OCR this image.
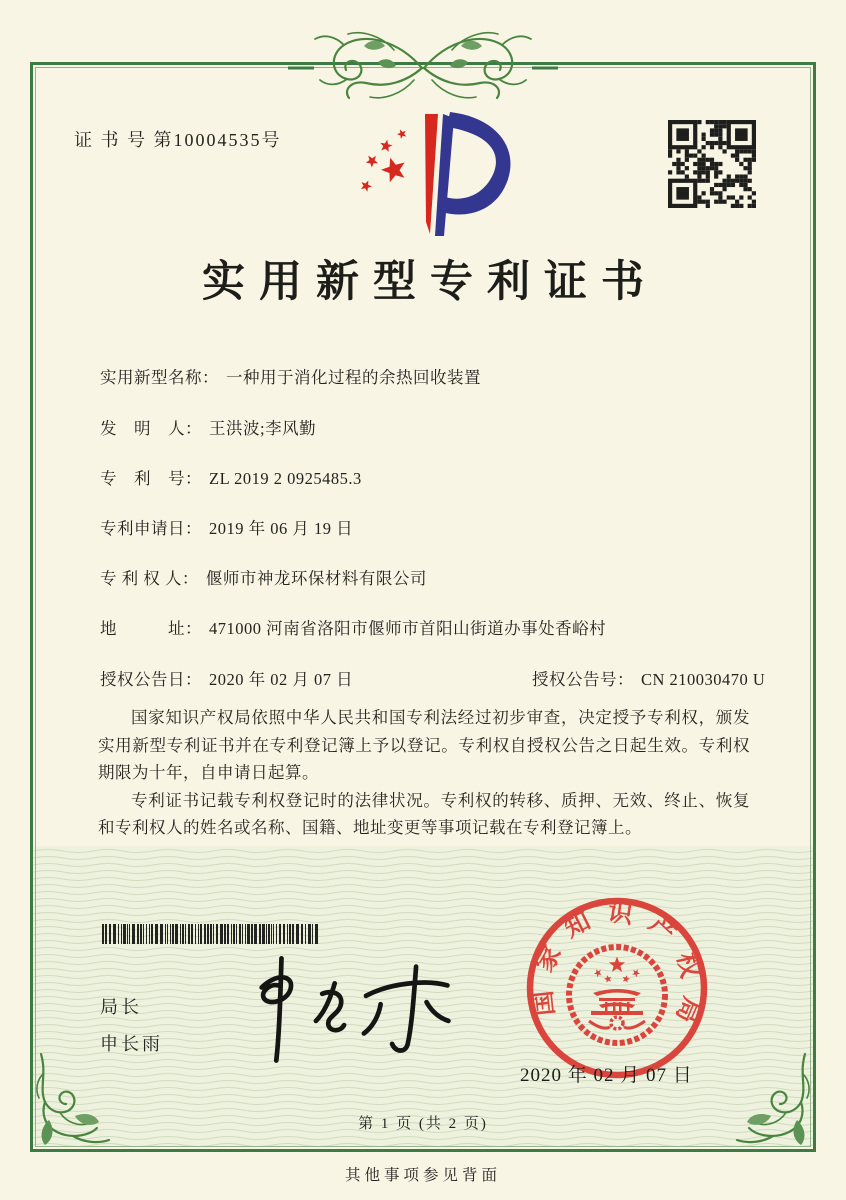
证 书 号 第10004535号
实用新型专利证书
实用新型名称： 一种用于消化过程的余热回收装置
发　明　人： 王洪波;李风勤
专　利　号： ZL 2019 2 0925485.3
专利申请日： 2019 年 06 月 19 日
专 利 权 人： 偃师市神龙环保材料有限公司
地　　　址： 471000 河南省洛阳市偃师市首阳山街道办事处香峪村
授权公告日： 2020 年 02 月 07 日	授权公告号： CN 210030470 U

国家知识产权局依照中华人民共和国专利法经过初步审查，决定授予专利权，颁发实用新型专利证书并在专利登记簿上予以登记。专利权自授权公告之日起生效。专利权期限为十年，自申请日起算。

专利证书记载专利权登记时的法律状况。专利权的转移、质押、无效、终止、恢复和专利权人的姓名或名称、国籍、地址变更等事项记载在专利登记簿上。

局长
申长雨
国家知识产权局
2020 年 02 月 07 日
第 1 页 (共 2 页)
其他事项参见背面
